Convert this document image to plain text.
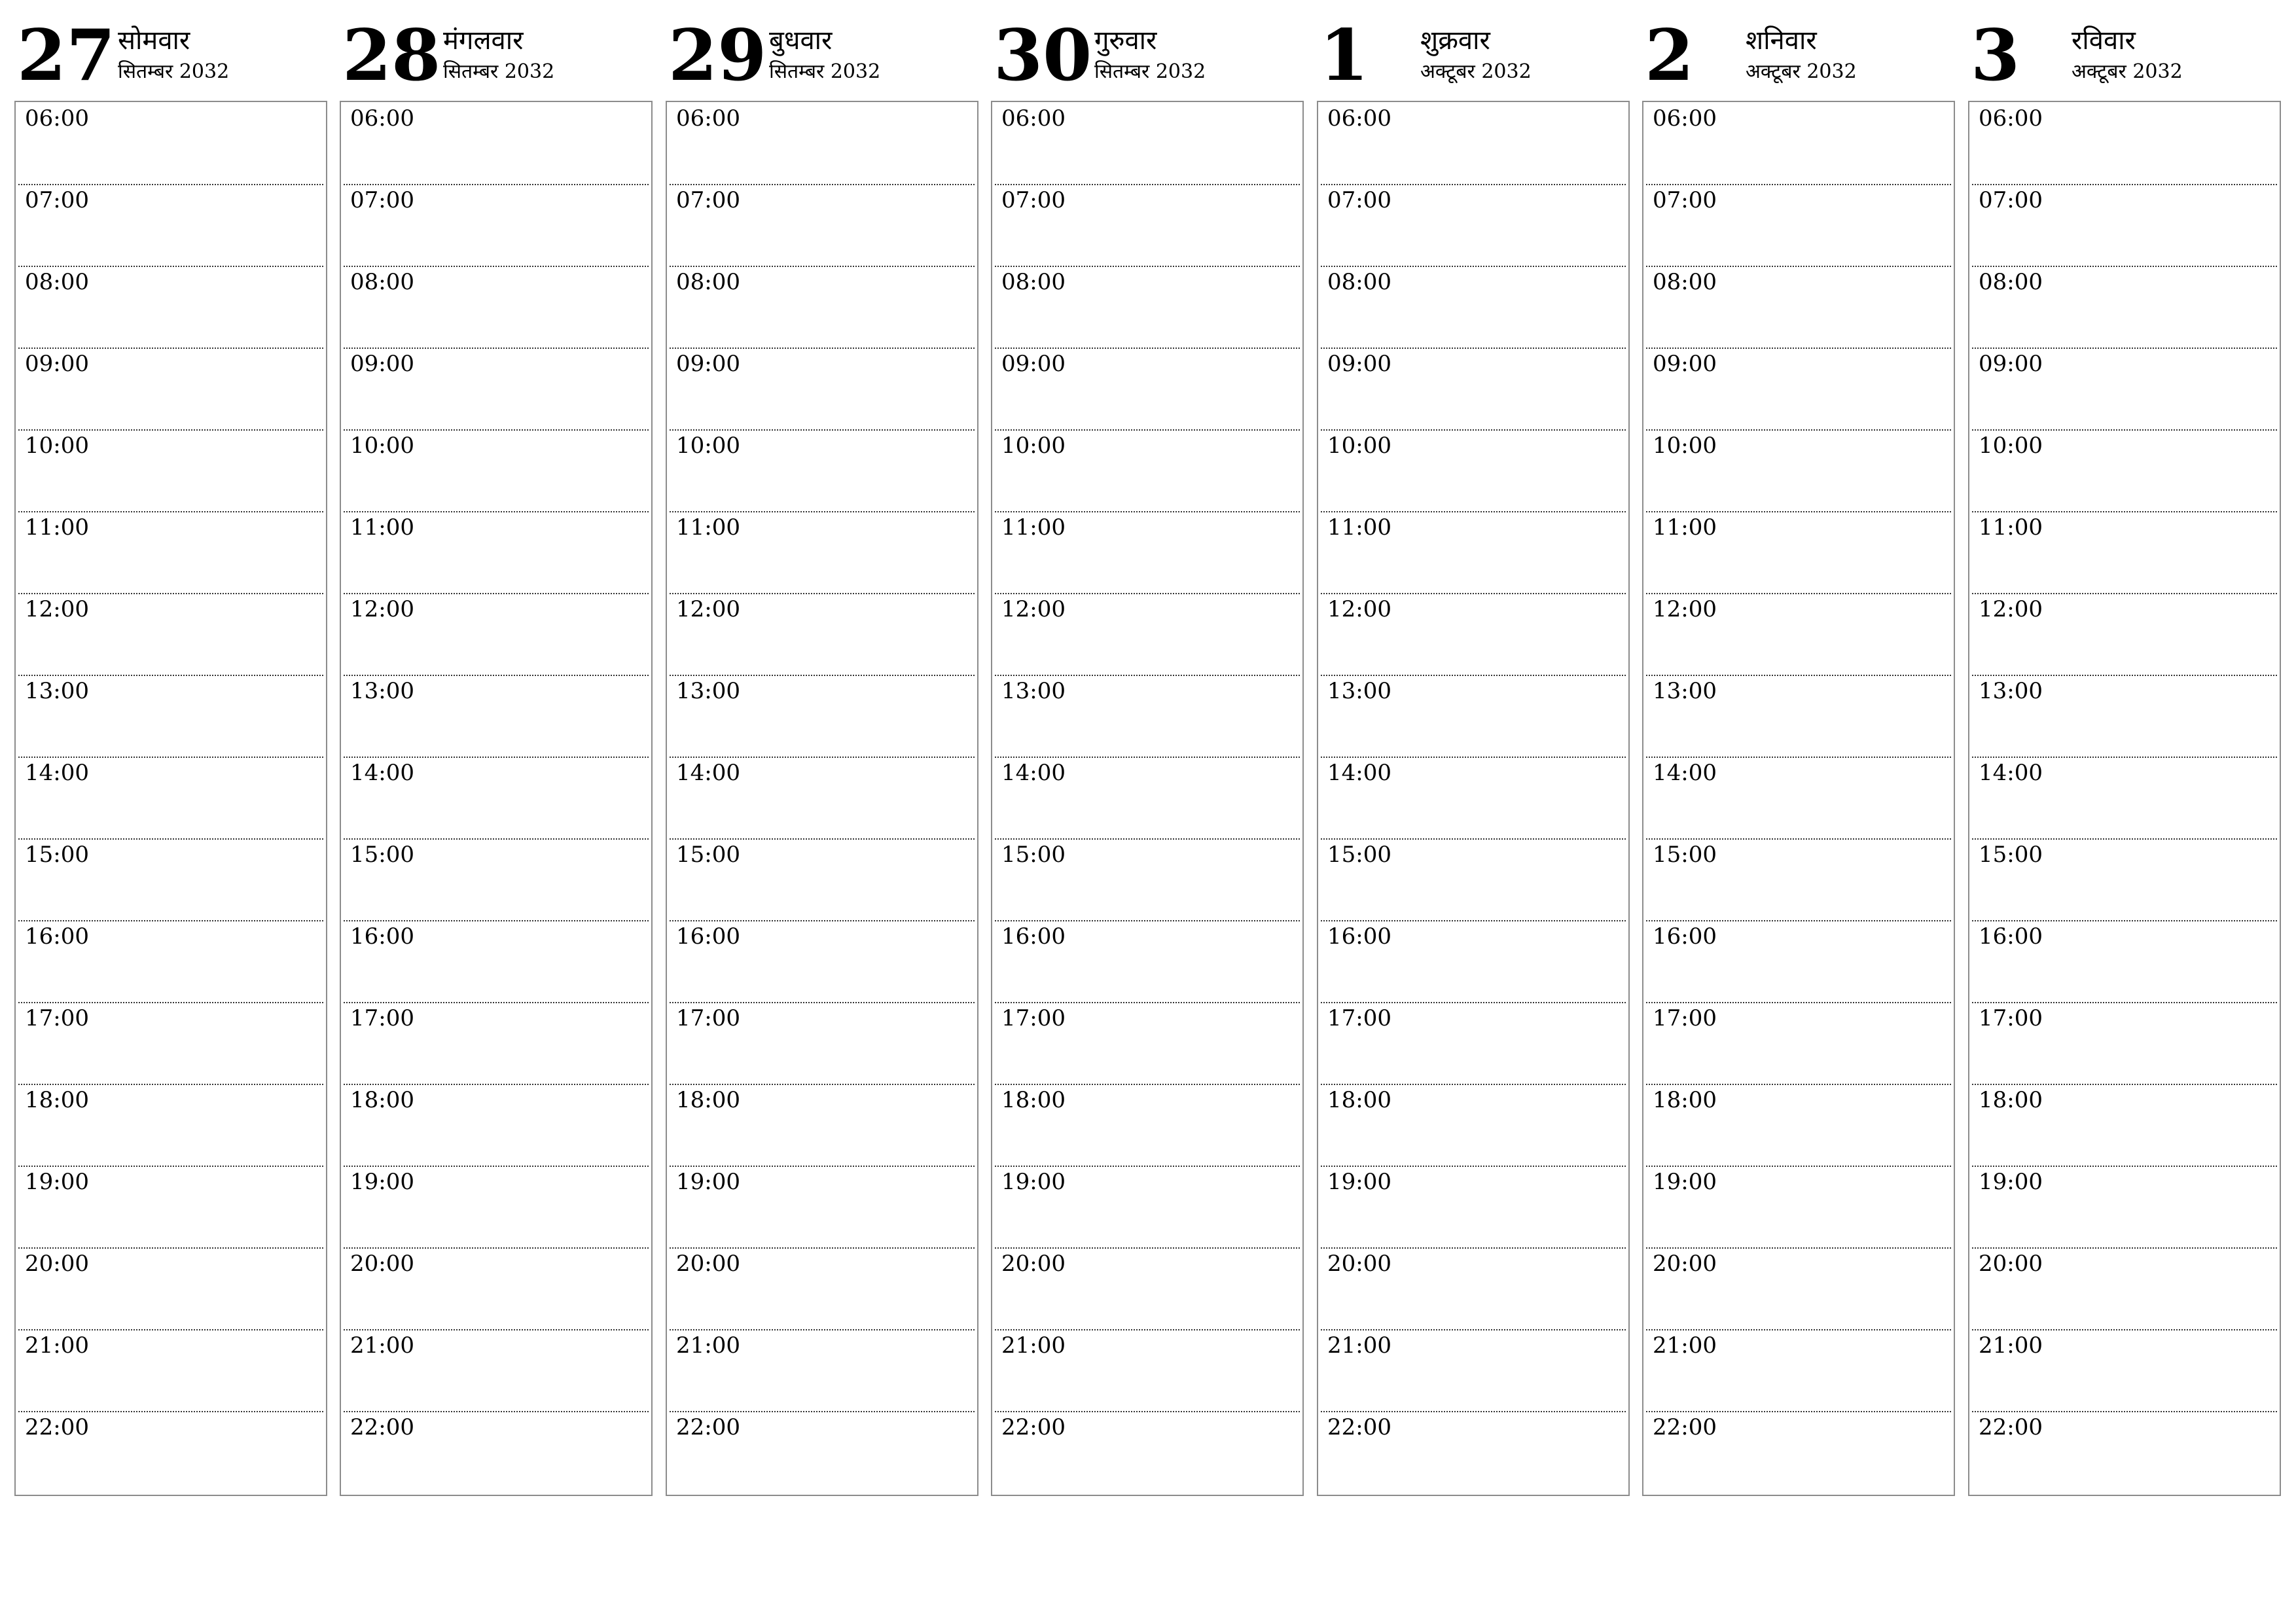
27 सोमवार
सितम्बर 2032
06:00
07:00
08:00
09:00
10:00
11:00
12:00
13:00
14:00
15:00
16:00
17:00
18:00
19:00
20:00
21:00
22:00
28 मंगलवार
सितम्बर 2032
06:00
07:00
08:00
09:00
10:00
11:00
12:00
13:00
14:00
15:00
16:00
17:00
18:00
19:00
20:00
21:00
22:00
29 बुधवार
सितम्बर 2032
06:00
07:00
08:00
09:00
10:00
11:00
12:00
13:00
14:00
15:00
16:00
17:00
18:00
19:00
20:00
21:00
22:00
30 गुरुवार
सितम्बर 2032
06:00
07:00
08:00
09:00
10:00
11:00
12:00
13:00
14:00
15:00
16:00
17:00
18:00
19:00
20:00
21:00
22:00
1 शुक्रवार
अक्टूबर 2032
06:00
07:00
08:00
09:00
10:00
11:00
12:00
13:00
14:00
15:00
16:00
17:00
18:00
19:00
20:00
21:00
22:00
2 शनिवार
अक्टूबर 2032
06:00
07:00
08:00
09:00
10:00
11:00
12:00
13:00
14:00
15:00
16:00
17:00
18:00
19:00
20:00
21:00
22:00
3 रविवार
अक्टूबर 2032
06:00
07:00
08:00
09:00
10:00
11:00
12:00
13:00
14:00
15:00
16:00
17:00
18:00
19:00
20:00
21:00
22:00
